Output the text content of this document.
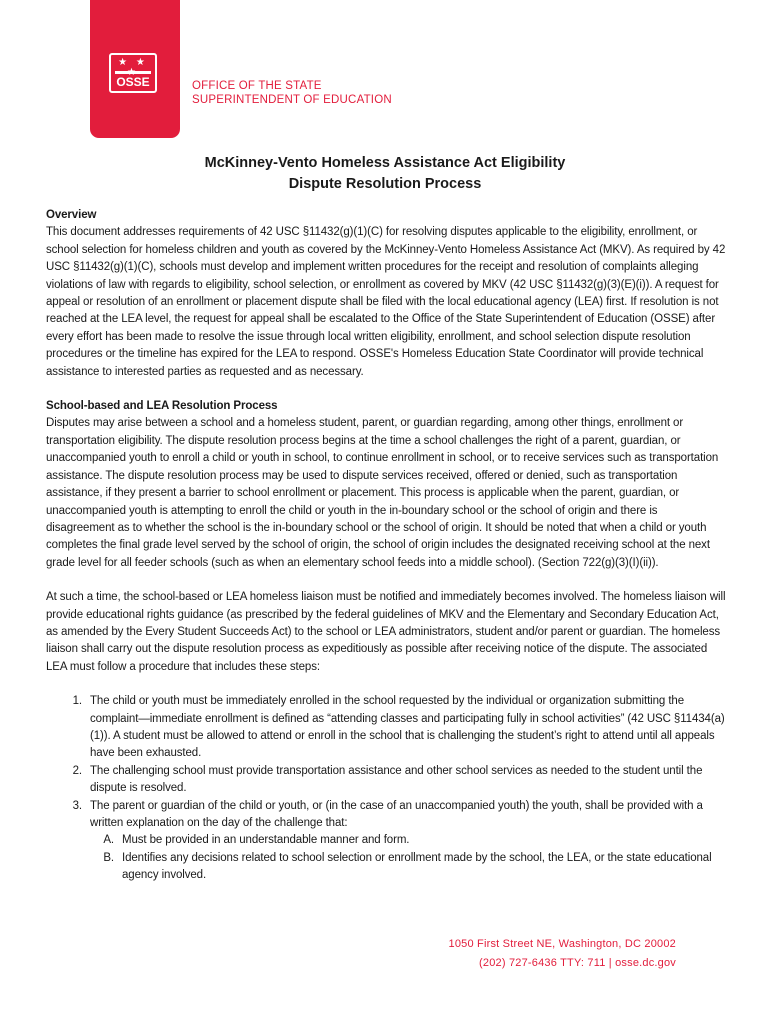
★ ★
OSSE	OFFICE OF THE STATE
SUPERINTENDENT OF EDUCATION
McKinney-Vento Homeless Assistance Act Eligibility
Dispute Resolution Process

Overview

This document addresses requirements of 42 USC §11432(g)(1)(C) for resolving disputes applicable to the eligibility, enrollment, or school selection for homeless children and youth as covered by the McKinney-Vento Homeless Assistance Act (MKV). As required by 42 USC §11432(g)(1)(C), schools must develop and implement written procedures for the receipt and resolution of complaints alleging violations of law with regards to eligibility, school selection, or enrollment as covered by MKV (42 USC §11432(g)(3)(E)(i)). A request for appeal or resolution of an enrollment or placement dispute shall be filed with the local educational agency (LEA) first. If resolution is not reached at the LEA level, the request for appeal shall be escalated to the Office of the State Superintendent of Education (OSSE) after every effort has been made to resolve the issue through local written eligibility, enrollment, and school selection dispute resolution procedures or the timeline has expired for the LEA to respond. OSSE's Homeless Education State Coordinator will provide technical assistance to interested parties as requested and as necessary.

School-based and LEA Resolution Process

Disputes may arise between a school and a homeless student, parent, or guardian regarding, among other things, enrollment or transportation eligibility. The dispute resolution process begins at the time a school challenges the right of a parent, guardian, or unaccompanied youth to enroll a child or youth in school, to continue enrollment in school, or to receive services such as transportation assistance. The dispute resolution process may be used to dispute services received, offered or denied, such as transportation assistance, if they present a barrier to school enrollment or placement. This process is applicable when the parent, guardian, or unaccompanied youth is attempting to enroll the child or youth in the in-boundary school or the school of origin and there is disagreement as to whether the school is the in-boundary school or the school of origin. It should be noted that when a child or youth completes the final grade level served by the school of origin, the school of origin includes the designated receiving school at the next grade level for all feeder schools (such as when an elementary school feeds into a middle school). (Section 722(g)(3)(I)(ii)).

At such a time, the school-based or LEA homeless liaison must be notified and immediately becomes involved. The homeless liaison will provide educational rights guidance (as prescribed by the federal guidelines of MKV and the Elementary and Secondary Education Act, as amended by the Every Student Succeeds Act) to the school or LEA administrators, student and/or parent or guardian. The homeless liaison shall carry out the dispute resolution process as expeditiously as possible after receiving notice of the dispute. The associated LEA must follow a procedure that includes these steps:

1. The child or youth must be immediately enrolled in the school requested by the individual or organization submitting the complaint—immediate enrollment is defined as “attending classes and participating fully in school activities” (42 USC §11434(a)(1)). A student must be allowed to attend or enroll in the school that is challenging the student’s right to attend until all appeals have been exhausted.
2. The challenging school must provide transportation assistance and other school services as needed to the student until the dispute is resolved.
3. The parent or guardian of the child or youth, or (in the case of an unaccompanied youth) the youth, shall be provided with a written explanation on the day of the challenge that:
A. Must be provided in an understandable manner and form.
B. Identifies any decisions related to school selection or enrollment made by the school, the LEA, or the state educational agency involved.
1050 First Street NE, Washington, DC 20002
(202) 727-6436 TTY: 711 | osse.dc.gov
